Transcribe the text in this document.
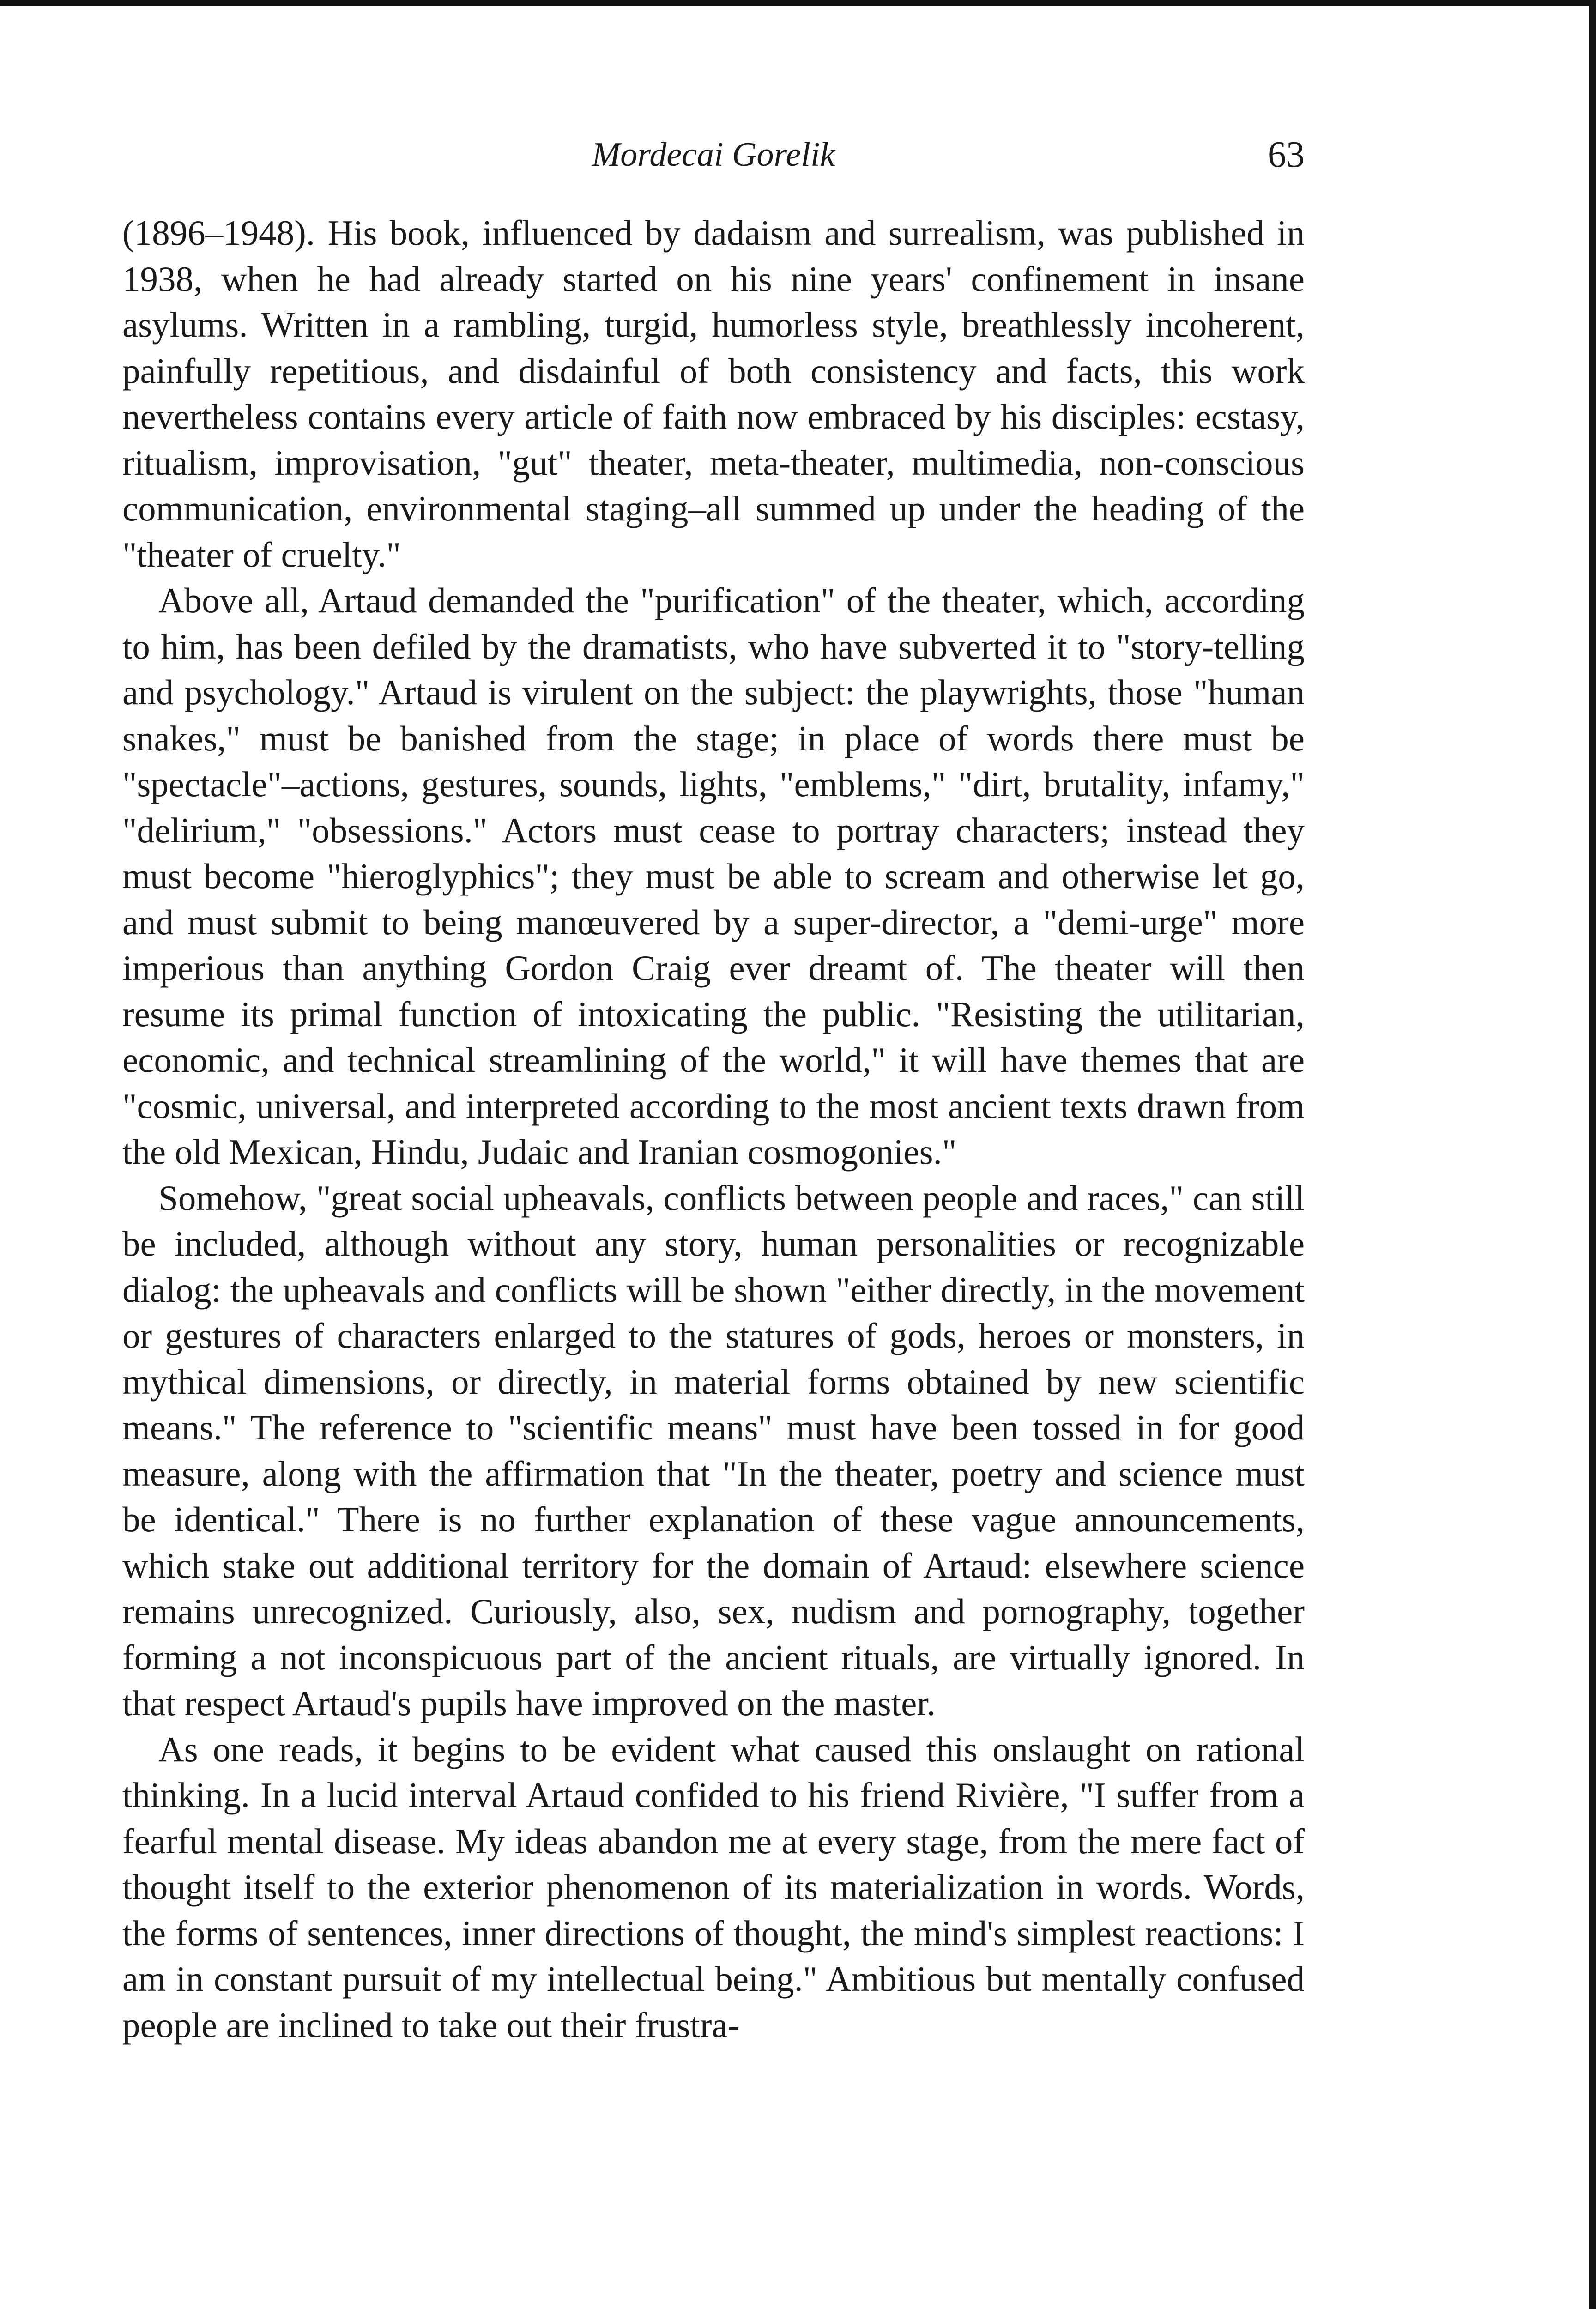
Mordecai Gorelik	63

(1896–1948). His book, influenced by dadaism and surrealism, was published in 1938, when he had already started on his nine years' confinement in insane asylums. Written in a rambling, turgid, humorless style, breathlessly incoherent, painfully repetitious, and disdainful of both consistency and facts, this work nevertheless contains every article of faith now embraced by his disciples: ecstasy, ritualism, improvisation, "gut" theater, meta-theater, multimedia, non-conscious communication, environmental staging–all summed up under the heading of the "theater of cruelty."

Above all, Artaud demanded the "purification" of the theater, which, according to him, has been defiled by the dramatists, who have subverted it to "story-telling and psychology." Artaud is virulent on the subject: the playwrights, those "human snakes," must be banished from the stage; in place of words there must be "spectacle"–actions, gestures, sounds, lights, "emblems," "dirt, brutality, infamy," "delirium," "obsessions." Actors must cease to portray characters; instead they must become "hieroglyphics"; they must be able to scream and otherwise let go, and must submit to being manœuvered by a super-director, a "demi-urge" more imperious than anything Gordon Craig ever dreamt of. The theater will then resume its primal function of intoxicating the public. "Resisting the utilitarian, economic, and technical streamlining of the world," it will have themes that are "cosmic, universal, and interpreted according to the most ancient texts drawn from the old Mexican, Hindu, Judaic and Iranian cosmogonies."

Somehow, "great social upheavals, conflicts between people and races," can still be included, although without any story, human personalities or recognizable dialog: the upheavals and conflicts will be shown "either directly, in the movement or gestures of characters enlarged to the statures of gods, heroes or monsters, in mythical dimensions, or directly, in material forms obtained by new scientific means." The reference to "scientific means" must have been tossed in for good measure, along with the affirmation that "In the theater, poetry and science must be identical." There is no further explanation of these vague announcements, which stake out additional territory for the domain of Artaud: elsewhere science remains unrecognized. Curiously, also, sex, nudism and pornography, together forming a not inconspicuous part of the ancient rituals, are virtually ignored. In that respect Artaud's pupils have improved on the master.

As one reads, it begins to be evident what caused this onslaught on rational thinking. In a lucid interval Artaud confided to his friend Rivière, "I suffer from a fearful mental disease. My ideas abandon me at every stage, from the mere fact of thought itself to the exterior phenomenon of its materialization in words. Words, the forms of sentences, inner directions of thought, the mind's simplest reactions: I am in constant pursuit of my intellectual being." Ambitious but mentally confused people are inclined to take out their frustra-
